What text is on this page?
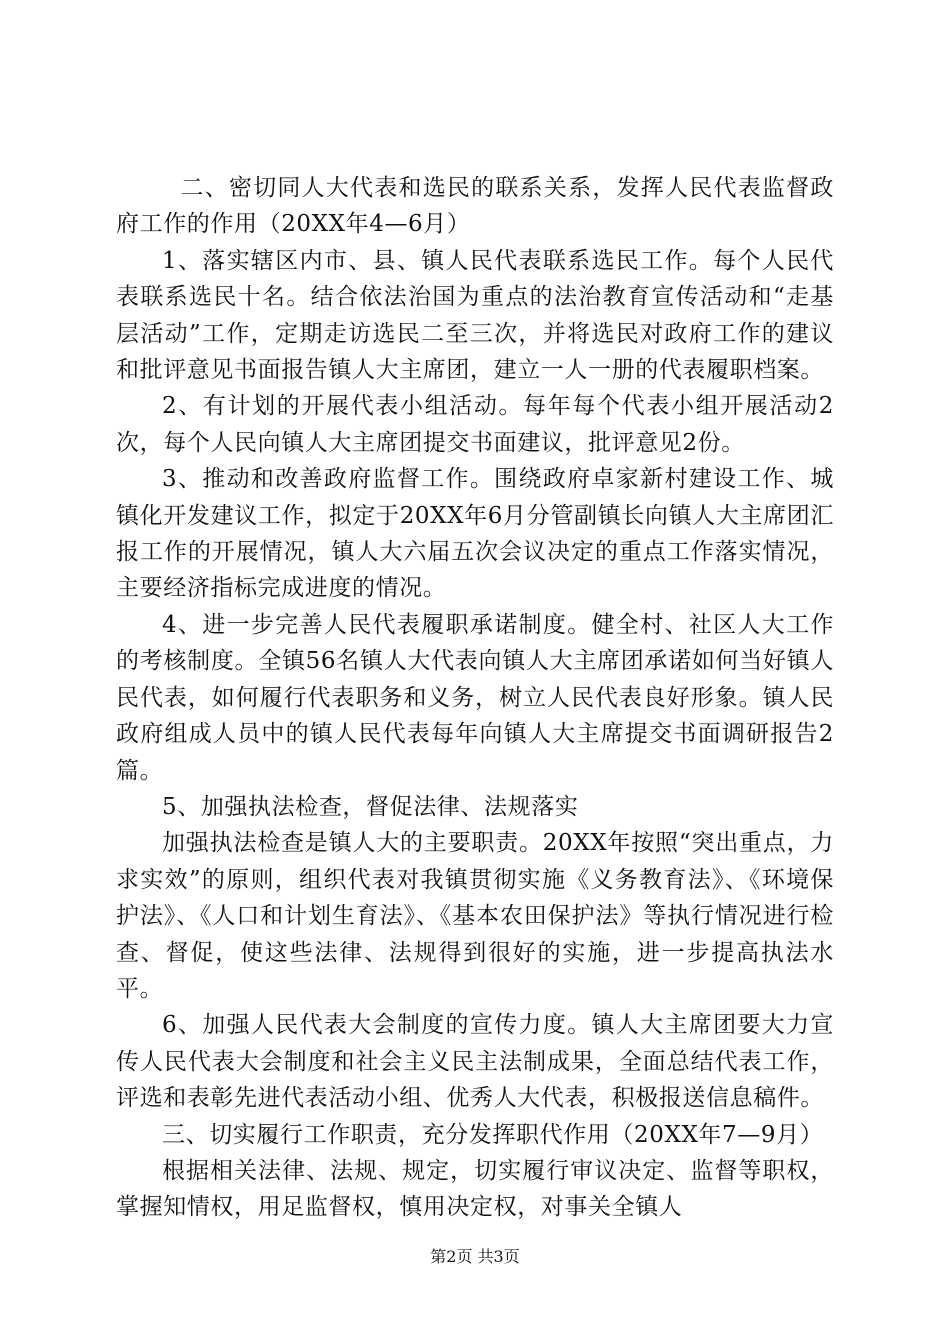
二、密切同人大代表和选民的联系关系，发挥人民代表监督政府工作的作用（20XX年4—6月）

1、落实辖区内市、县、镇人民代表联系选民工作。每个人民代表联系选民十名。结合依法治国为重点的法治教育宣传活动和“走基层活动”工作，定期走访选民二至三次，并将选民对政府工作的建议和批评意见书面报告镇人大主席团，建立一人一册的代表履职档案。

2、有计划的开展代表小组活动。每年每个代表小组开展活动2次，每个人民向镇人大主席团提交书面建议，批评意见2份。

3、推动和改善政府监督工作。围绕政府卓家新村建设工作、城镇化开发建议工作，拟定于20XX年6月分管副镇长向镇人大主席团汇报工作的开展情况，镇人大六届五次会议决定的重点工作落实情况，主要经济指标完成进度的情况。

4、进一步完善人民代表履职承诺制度。健全村、社区人大工作的考核制度。全镇56名镇人大代表向镇人大主席团承诺如何当好镇人民代表，如何履行代表职务和义务，树立人民代表良好形象。镇人民政府组成人员中的镇人民代表每年向镇人大主席提交书面调研报告2篇。

5、加强执法检查，督促法律、法规落实

加强执法检查是镇人大的主要职责。20XX年按照“突出重点，力求实效”的原则，组织代表对我镇贯彻实施《义务教育法》、《环境保护法》、《人口和计划生育法》、《基本农田保护法》等执行情况进行检查、督促，使这些法律、法规得到很好的实施，进一步提高执法水平。

6、加强人民代表大会制度的宣传力度。镇人大主席团要大力宣传人民代表大会制度和社会主义民主法制成果，全面总结代表工作，评选和表彰先进代表活动小组、优秀人大代表，积极报送信息稿件。

三、切实履行工作职责，充分发挥职代作用（20XX年7—9月）

根据相关法律、法规、规定，切实履行审议决定、监督等职权，掌握知情权，用足监督权，慎用决定权，对事关全镇人

第2页 共3页
